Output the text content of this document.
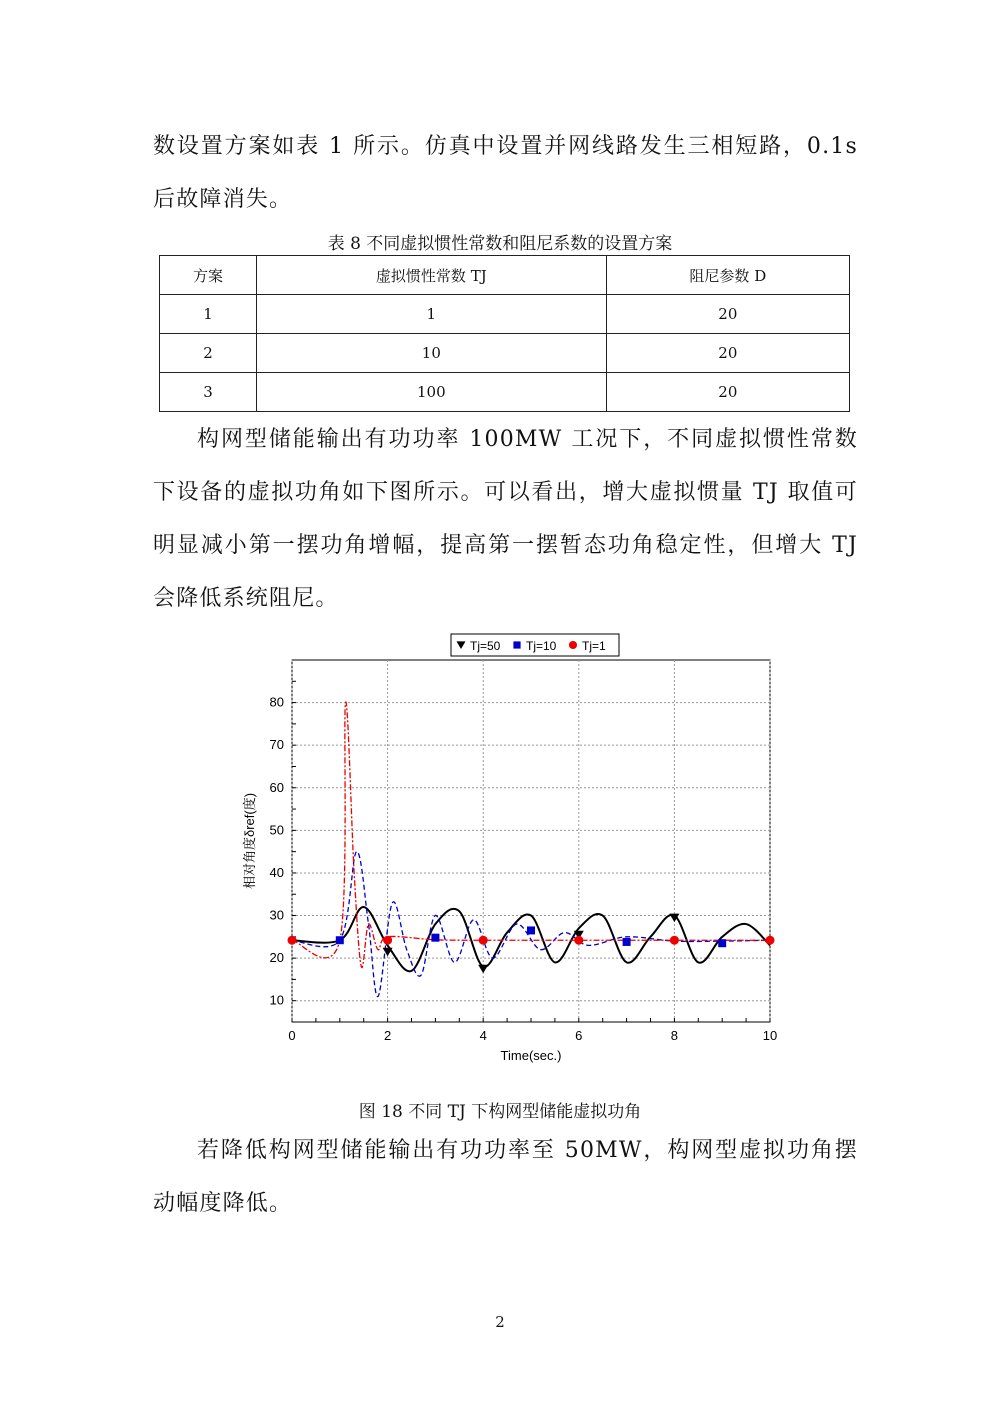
数设置方案如表 1 所示。仿真中设置并网线路发生三相短路，0.1s 后故障消失。
表 8 不同虚拟惯性常数和阻尼系数的设置方案
方案	虚拟惯性常数 TJ	阻尼参数 D
1	1	20
2	10	20
3	100	20
构网型储能输出有功功率 100MW 工况下，不同虚拟惯性常数下设备的虚拟功角如下图所示。可以看出，增大虚拟惯量 TJ 取值可明显减小第一摆功角增幅，提高第一摆暂态功角稳定性，但增大 TJ 会降低系统阻尼。
0	2	4	6	8	10
10
20
30
40
50
60
70
80
Time(sec.)
相对角度δref(度)
Tj=50 Tj=10 Tj=1
图 18 不同 TJ 下构网型储能虚拟功角
若降低构网型储能输出有功功率至 50MW，构网型虚拟功角摆动幅度降低。
2
